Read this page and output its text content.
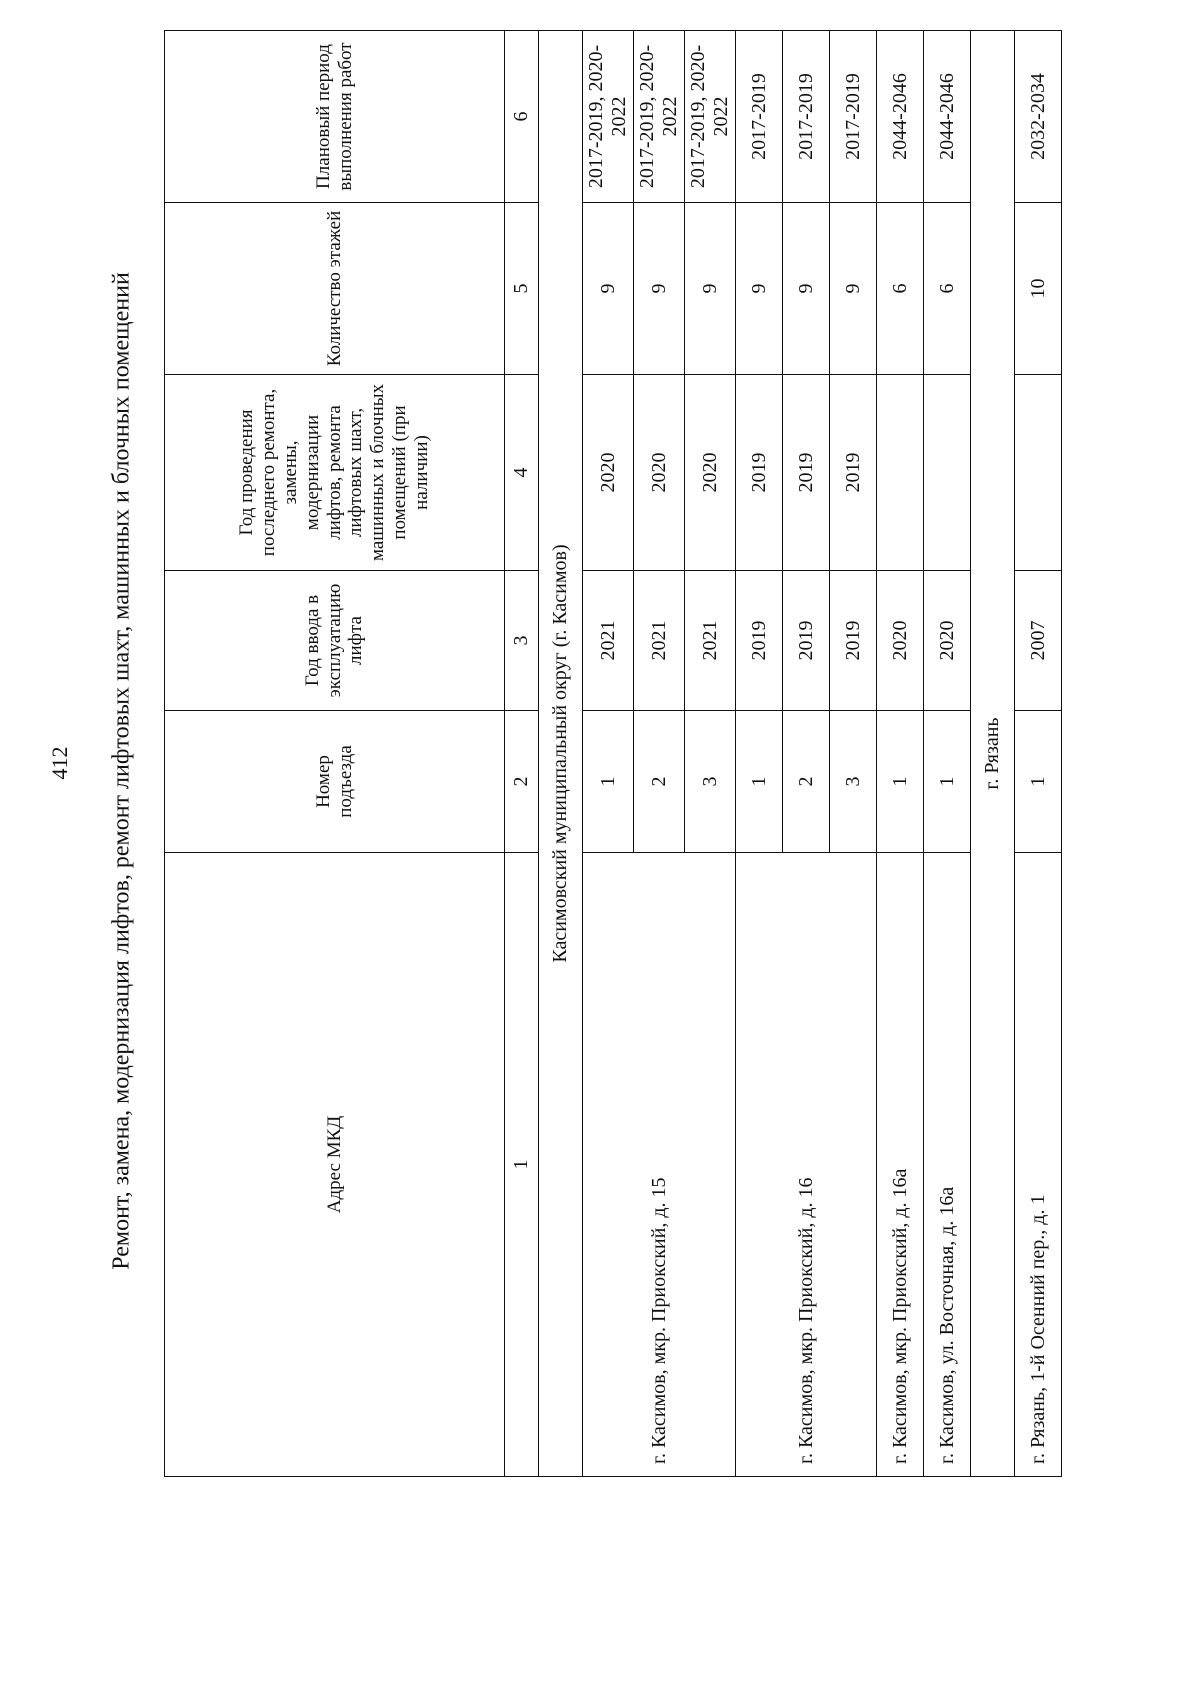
412 Ремонт, замена, модернизация лифтов, ремонт лифтовых шахт, машинных и блочных помещений	Адрес МКД	Номер подъезда	Год ввода в эксплуатацию лифта	Год проведения последнего ремонта, замены, модернизации лифтов, ремонта лифтовых шахт, машинных и блочных помещений (при наличии)	Количество этажей	Плановый период выполнения работ
1	2	3	4	5	6
Касимовский муниципальный округ (г. Касимов)					
г. Касимов, мкр. Приокский, д. 15	1	2021	2020	9	2017-2019, 2020-2022
	2	2021	2020	9	2017-2019, 2020-2022
	3	2021	2020	9	2017-2019, 2020-2022
г. Касимов, мкр. Приокский, д. 16	1	2019	2019	9	2017-2019
	2	2019	2019	9	2017-2019
	3	2019	2019	9	2017-2019
г. Касимов, мкр. Приокский, д. 16а	1	2020		6	2044-2046
г. Касимов, ул. Восточная, д. 16а	1	2020		6	2044-2046
г. Рязань					
г. Рязань, 1-й Осенний пер., д. 1	1	2007		10	2032-2034
